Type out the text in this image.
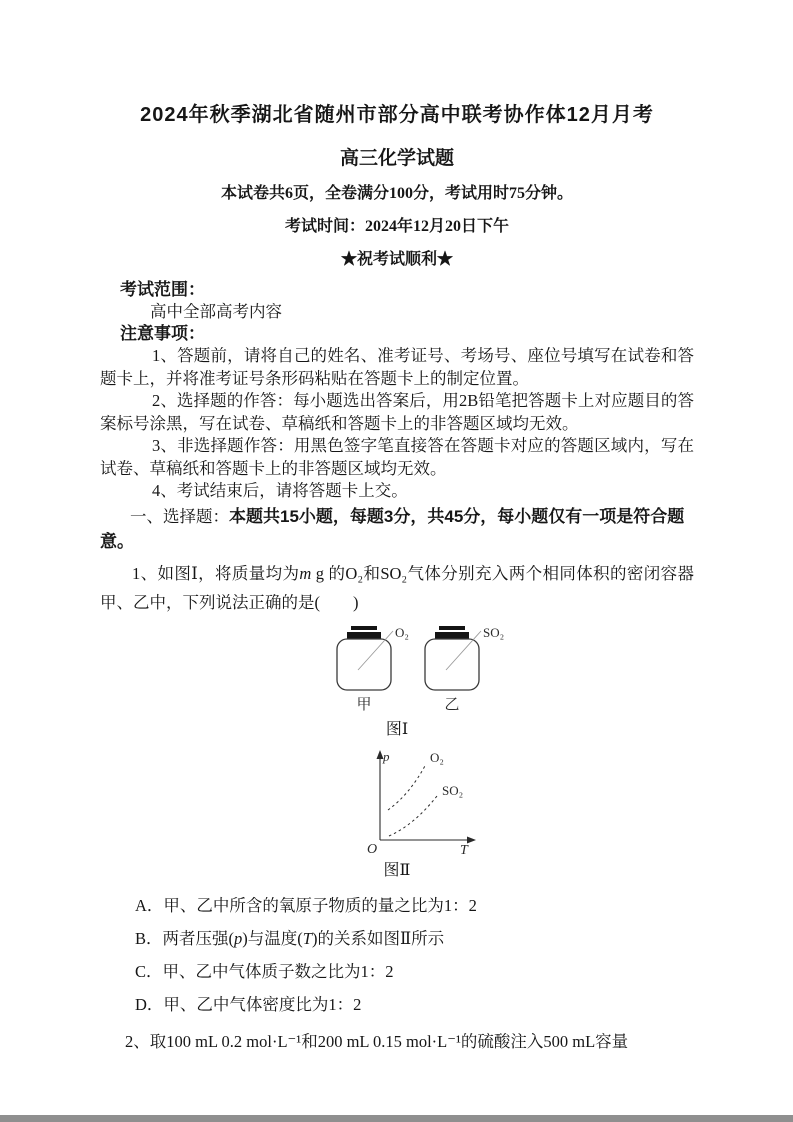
2024年秋季湖北省随州市部分高中联考协作体12月月考
高三化学试题

本试卷共6页，全卷满分100分，考试用时75分钟。

考试时间：2024年12月20日下午

★祝考试顺利★

考试范围：

高中全部高考内容

注意事项：

1、答题前，请将自己的姓名、准考证号、考场号、座位号填写在试卷和答题卡上，并将准考证号条形码粘贴在答题卡上的制定位置。

2、选择题的作答：每小题选出答案后，用2B铅笔把答题卡上对应题目的答案标号涂黑，写在试卷、草稿纸和答题卡上的非答题区域均无效。

3、非选择题作答：用黑色签字笔直接答在答题卡对应的答题区域内，写在试卷、草稿纸和答题卡上的非答题区域均无效。

4、考试结束后，请将答题卡上交。

一、选择题：本题共15小题，每题3分，共45分，每小题仅有一项是符合题意。

1、如图Ⅰ，将质量均为m g 的O₂和SO₂气体分别充入两个相同体积的密闭容器甲、乙中，下列说法正确的是(　　)

O₂
甲
SO₂
乙

图Ⅰ

p
T
O
O₂
SO₂

图Ⅱ

A．甲、乙中所含的氧原子物质的量之比为1：2

B．两者压强(p)与温度(T)的关系如图Ⅱ所示

C．甲、乙中气体质子数之比为1：2

D．甲、乙中气体密度比为1：2

2、取100 mL 0.2 mol·L⁻¹和200 mL 0.15 mol·L⁻¹的硫酸注入500 mL容量
